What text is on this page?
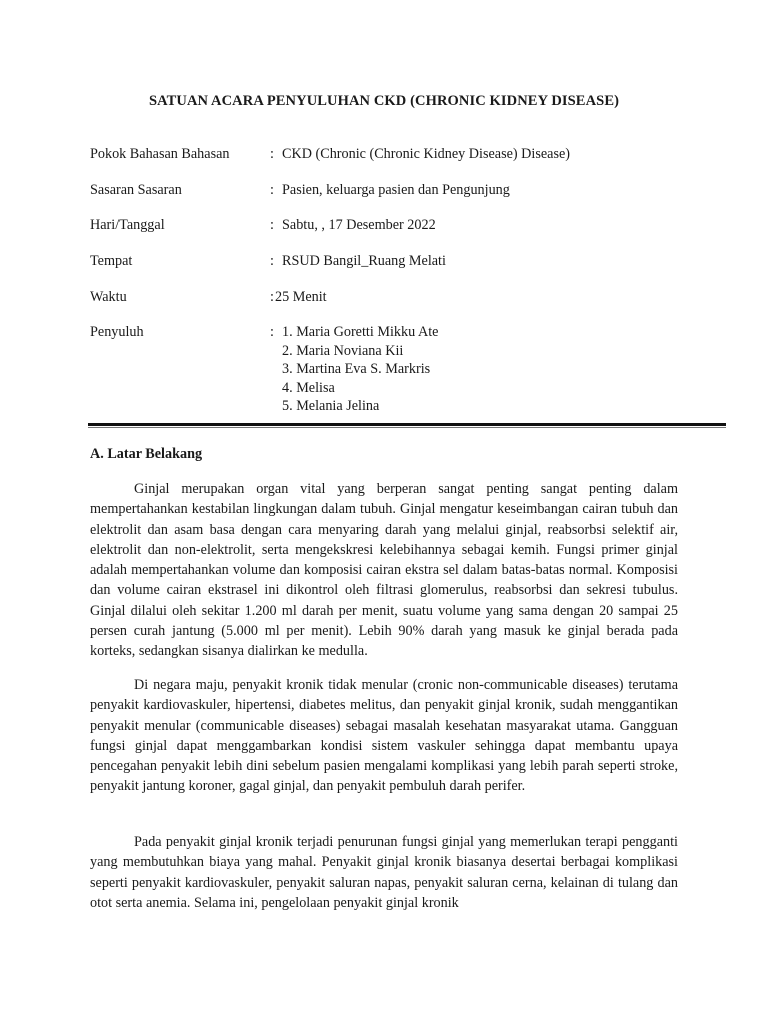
SATUAN ACARA PENYULUHAN CKD (CHRONIC KIDNEY DISEASE)
Pokok Bahasan Bahasan	: CKD (Chronic (Chronic Kidney Disease) Disease)
Sasaran Sasaran	: Pasien, keluarga pasien dan Pengunjung
Hari/Tanggal	: Sabtu, , 17 Desember 2022
Tempat	: RSUD Bangil_Ruang Melati
Waktu	: 25 Menit
Penyuluh	: 1. Maria Goretti Mikku Ate
2. Maria Noviana Kii
3. Martina Eva S. Markris
4. Melisa
5. Melania Jelina
A. Latar Belakang

Ginjal merupakan organ vital yang berperan sangat penting sangat penting dalam mempertahankan kestabilan lingkungan dalam tubuh. Ginjal mengatur keseimbangan cairan tubuh dan elektrolit dan asam basa dengan cara menyaring darah yang melalui ginjal, reabsorbsi selektif air, elektrolit dan non-elektrolit, serta mengekskresi kelebihannya sebagai kemih. Fungsi primer ginjal adalah mempertahankan volume dan komposisi cairan ekstra sel dalam batas-batas normal. Komposisi dan volume cairan ekstrasel ini dikontrol oleh filtrasi glomerulus, reabsorbsi dan sekresi tubulus. Ginjal dilalui oleh sekitar 1.200 ml darah per menit, suatu volume yang sama dengan 20 sampai 25 persen curah jantung (5.000 ml per menit). Lebih 90% darah yang masuk ke ginjal berada pada korteks, sedangkan sisanya dialirkan ke medulla.

Di negara maju, penyakit kronik tidak menular (cronic non-communicable diseases) terutama penyakit kardiovaskuler, hipertensi, diabetes melitus, dan penyakit ginjal kronik, sudah menggantikan penyakit menular (communicable diseases) sebagai masalah kesehatan masyarakat utama. Gangguan fungsi ginjal dapat menggambarkan kondisi sistem vaskuler sehingga dapat membantu upaya pencegahan penyakit lebih dini sebelum pasien mengalami komplikasi yang lebih parah seperti stroke, penyakit jantung koroner, gagal ginjal, dan penyakit pembuluh darah perifer.

Pada penyakit ginjal kronik terjadi penurunan fungsi ginjal yang memerlukan terapi pengganti yang membutuhkan biaya yang mahal. Penyakit ginjal kronik biasanya desertai berbagai komplikasi seperti penyakit kardiovaskuler, penyakit saluran napas, penyakit saluran cerna, kelainan di tulang dan otot serta anemia. Selama ini, pengelolaan penyakit ginjal kronik
